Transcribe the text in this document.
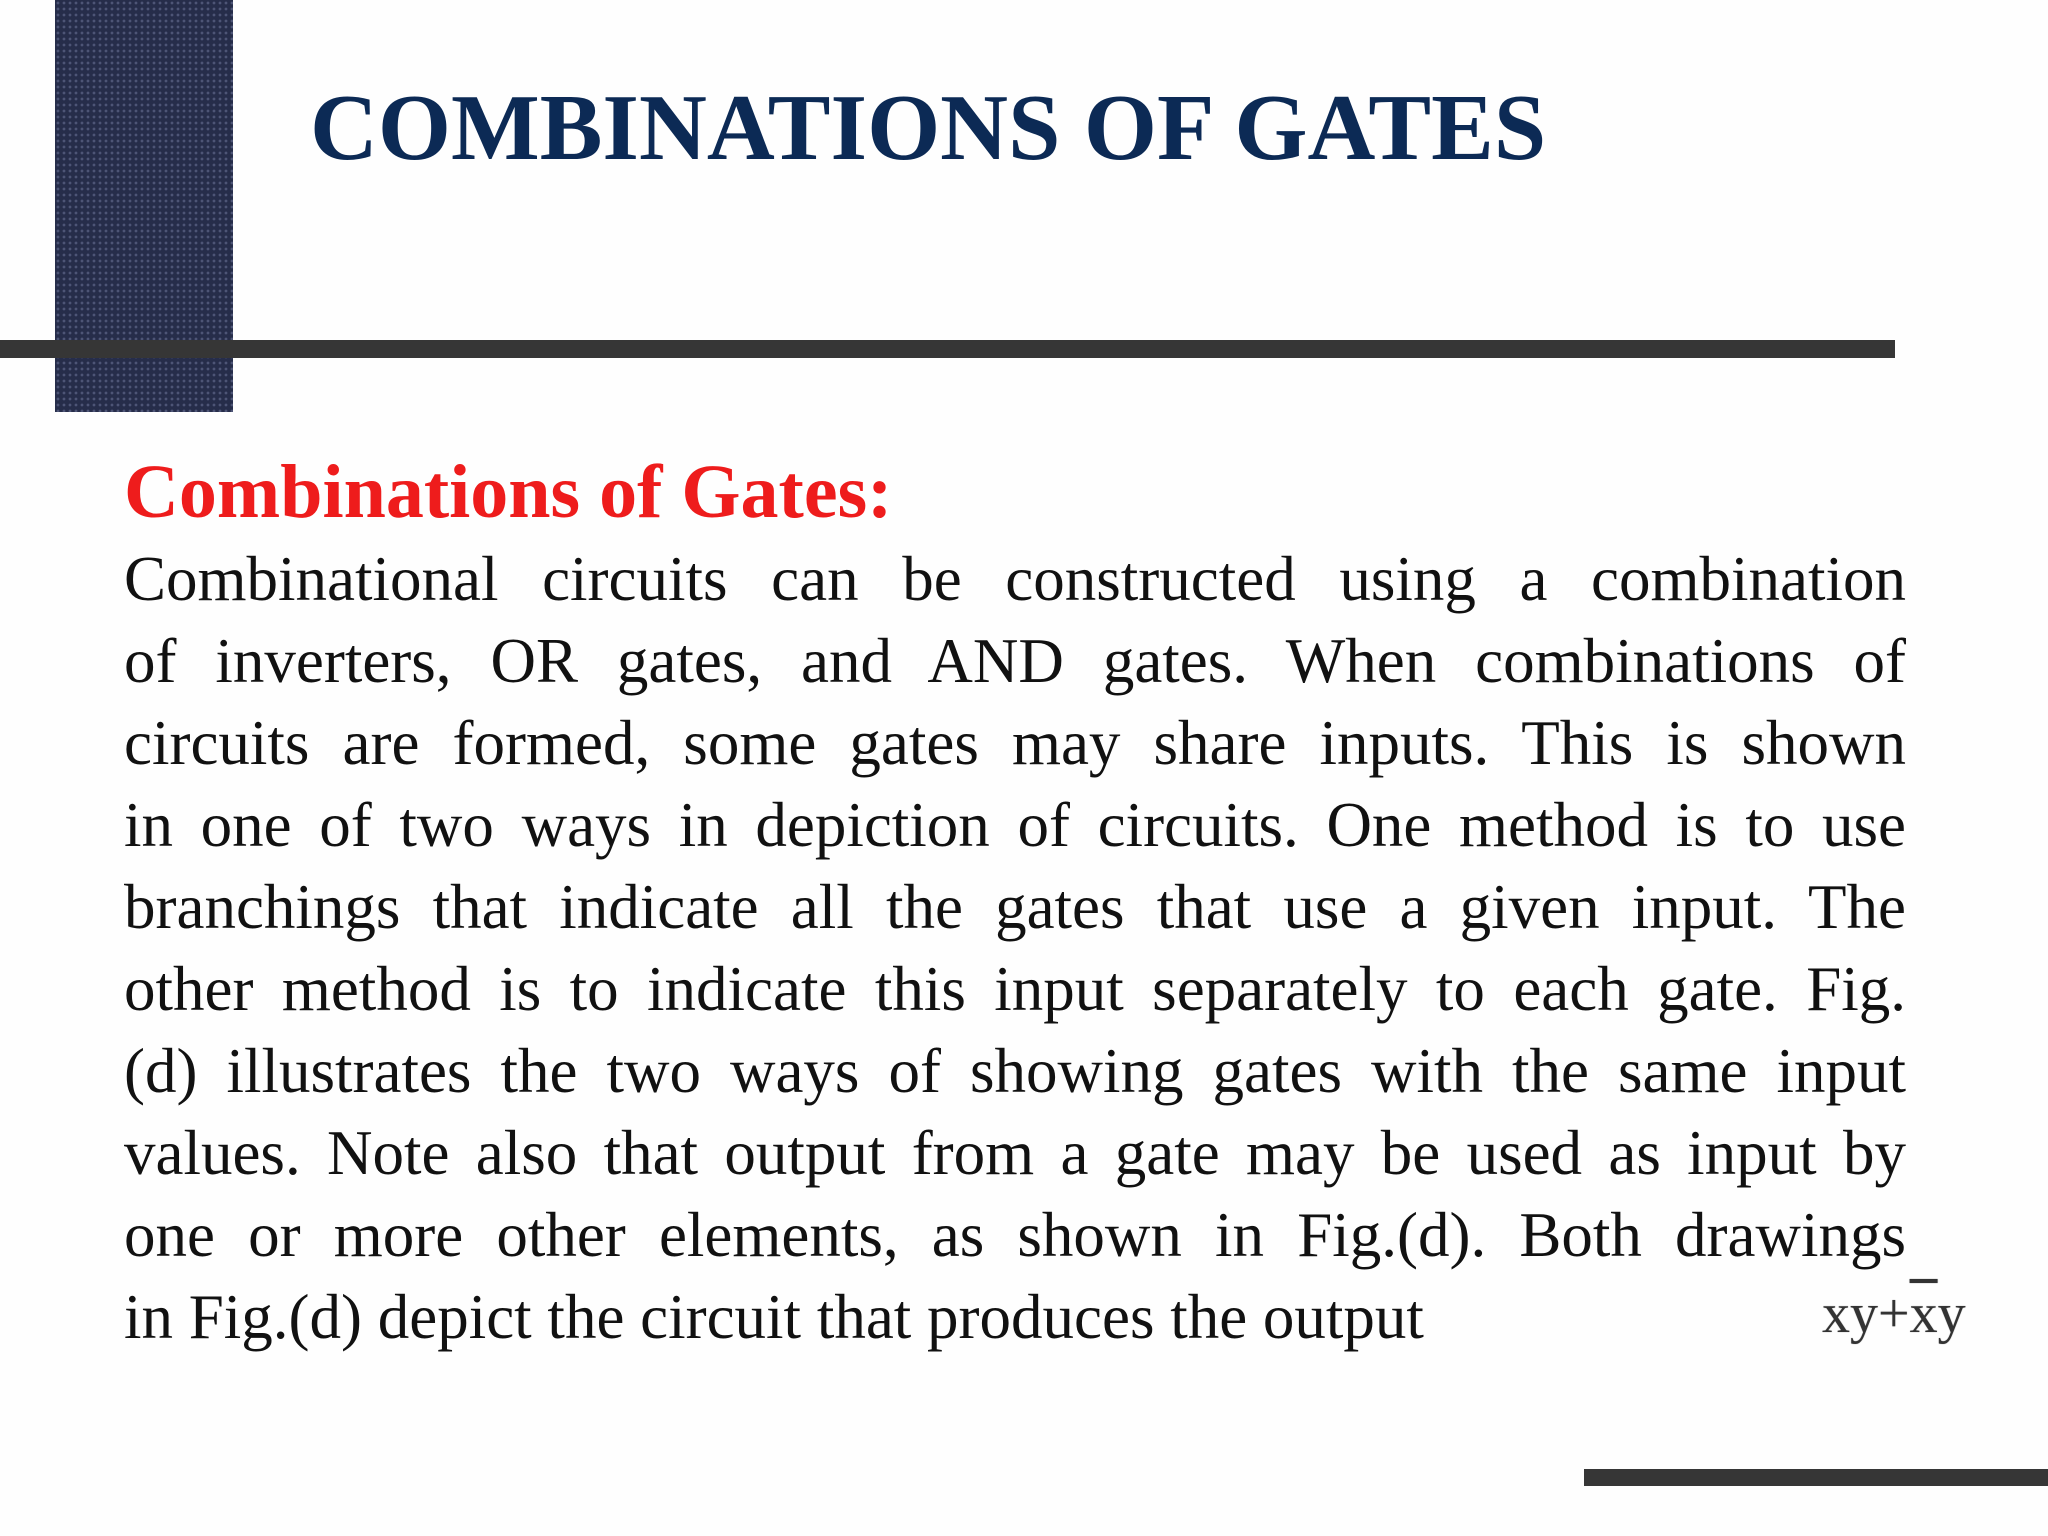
COMBINATIONS OF GATES
Combinations of Gates:
Combinational circuits can be constructed using a combination
of inverters, OR gates, and AND gates. When combinations of
circuits are formed, some gates may share inputs. This is shown
in one of two ways in depiction of circuits. One method is to use
branchings that indicate all the gates that use a given input. The
other method is to indicate this input separately to each gate. Fig.
(d) illustrates the two ways of showing gates with the same input
values. Note also that output from a gate may be used as input by
one or more other elements, as shown in Fig.(d). Both drawings
in Fig.(d) depict the circuit that produces the output	$xy+\overline{x}y$
